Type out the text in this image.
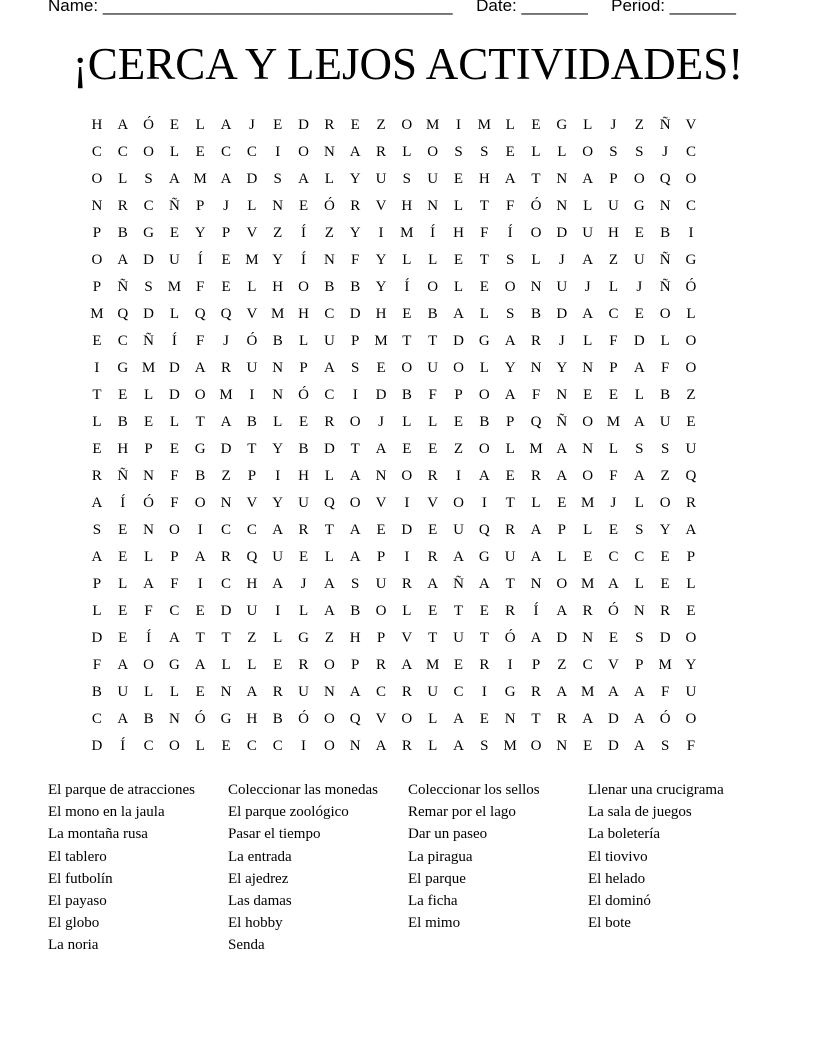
Name: _____________________________________ Date: _______ Period: _______
¡CERCA Y LEJOS ACTIVIDADES!
H A Ó	E	L	A	J	E	D	R	E	Z	O M	I	M L	E	G	L	J	Z	Ñ V
C	C	O	L	E	C	C	I	O N A	R	L	O	S	S	E	L	L	O	S	S	J	C
O	L	S	A M A D	S	A	L	Y U	S	U	E	H A	T	N A	P	O Q O
N	R	C	Ñ	P	J	L	N	E	Ó	R	V H N	L	T	F	Ó N	L	U G N	C
P	B	G	E	Y	P	V	Z	Í	Z	Y	I	M	Í	H	F	Í	O D U H	E	B	I
O A D U	Í	E M Y	Í	N	F	Y	L	L	E	T	S	L	J	A	Z	U Ñ G
P	Ñ	S M F	E	L	H O	B	B	Y	Í	O	L	E	O N U	J	L	J	Ñ Ó
M Q D	L	Q Q V M H	C	D H	E	B	A	L	S	B	D A	C	E	O	L
E	C	Ñ	Í	F	J	Ó	B	L	U	P M T	T	D G A	R	J	L	F	D	L	O
I	G M D A	R	U N	P	A	S	E	O U O	L	Y N Y N	P	A	F	O
T	E	L	D O M	I	N Ó	C	I	D	B	F	P	O A	F	N	E	E	L	B	Z
L	B	E	L	T	A	B	L	E	R	O	J	L	L	E	B	P	Q Ñ O M A U	E
E	H	P	E	G D	T	Y	B	D	T	A	E	E	Z	O	L M A N	L	S	S	U
R	Ñ N	F	B	Z	P	I	H	L	A N O	R	I	A	E	R	A O	F	A	Z	Q
A	Í	Ó	F	O N V Y U Q O V	I	V O	I	T	L	E M	J	L	O	R
S	E	N O	I	C	C	A	R	T	A	E	D	E	U Q	R	A	P	L	E	S	Y A
A	E	L	P	A	R	Q U	E	L	A	P	I	R	A G U A	L	E	C	C	E	P
P	L	A	F	I	C	H A	J	A	S	U	R	A Ñ A	T	N O M A	L	E	L
L	E	F	C	E	D U	I	L	A	B	O	L	E	T	E	R	Í	A	R	Ó N	R	E
D	E	Í	A	T	T	Z	L	G	Z	H	P	V	T	U	T	Ó A D N	E	S	D O
F	A O G A	L	L	E	R	O	P	R	A M E	R	I	P	Z	C	V	P M Y
B	U	L	L	E	N A	R	U N A	C	R	U	C	I	G	R	A M A A	F	U
C	A	B	N Ó G H	B	Ó O Q V O	L	A	E	N	T	R	A D A Ó O
D	Í	C	O	L	E	C	C	I	O N A	R	L	A	S M O N	E	D A	S	F
El parque de atracciones
El mono en la jaula
La montaña rusa
El tablero
El futbolín
El payaso
El globo
La noria
Coleccionar las monedas
El parque zoológico
Pasar el tiempo
La entrada
El ajedrez
Las damas
El hobby
Senda
Coleccionar los sellos
Remar por el lago
Dar un paseo
La piragua
El parque
La ficha
El mimo
Llenar una crucigrama
La sala de juegos
La boletería
El tiovivo
El helado
El dominó
El bote
